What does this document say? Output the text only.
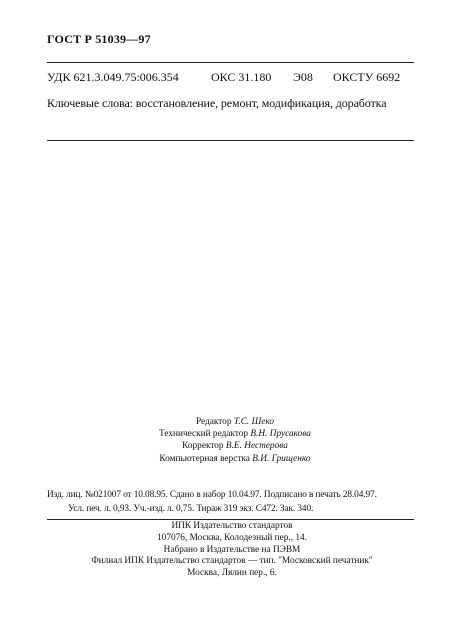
ГОСТ Р 51039—97
УДК 621.3.049.75:006.354	ОКС 31.180 Э08 ОКСТУ 6692
Ключевые слова: восстановление, ремонт, модификация, доработка
Редактор Т.С. Шеко
Технический редактор В.Н. Прусакова
Корректор В.Е. Нестерова
Компьютерная верстка В.И. Грищенко
Изд. лиц. №021007 от 10.08.95. Сдано в набор 10.04.97. Подписано в печать 28.04.97.
Усл. печ. л. 0,93. Уч.-изд. л. 0,75. Тираж 319 экз. С472. Зак. 340.
ИПК Издательство стандартов
107076, Москва, Колодезный пер., 14.
Набрано в Издательстве на ПЭВМ
Филиал ИПК Издательство стандартов — тип. "Московский печатник"
Москва, Лялин пер., 6.
